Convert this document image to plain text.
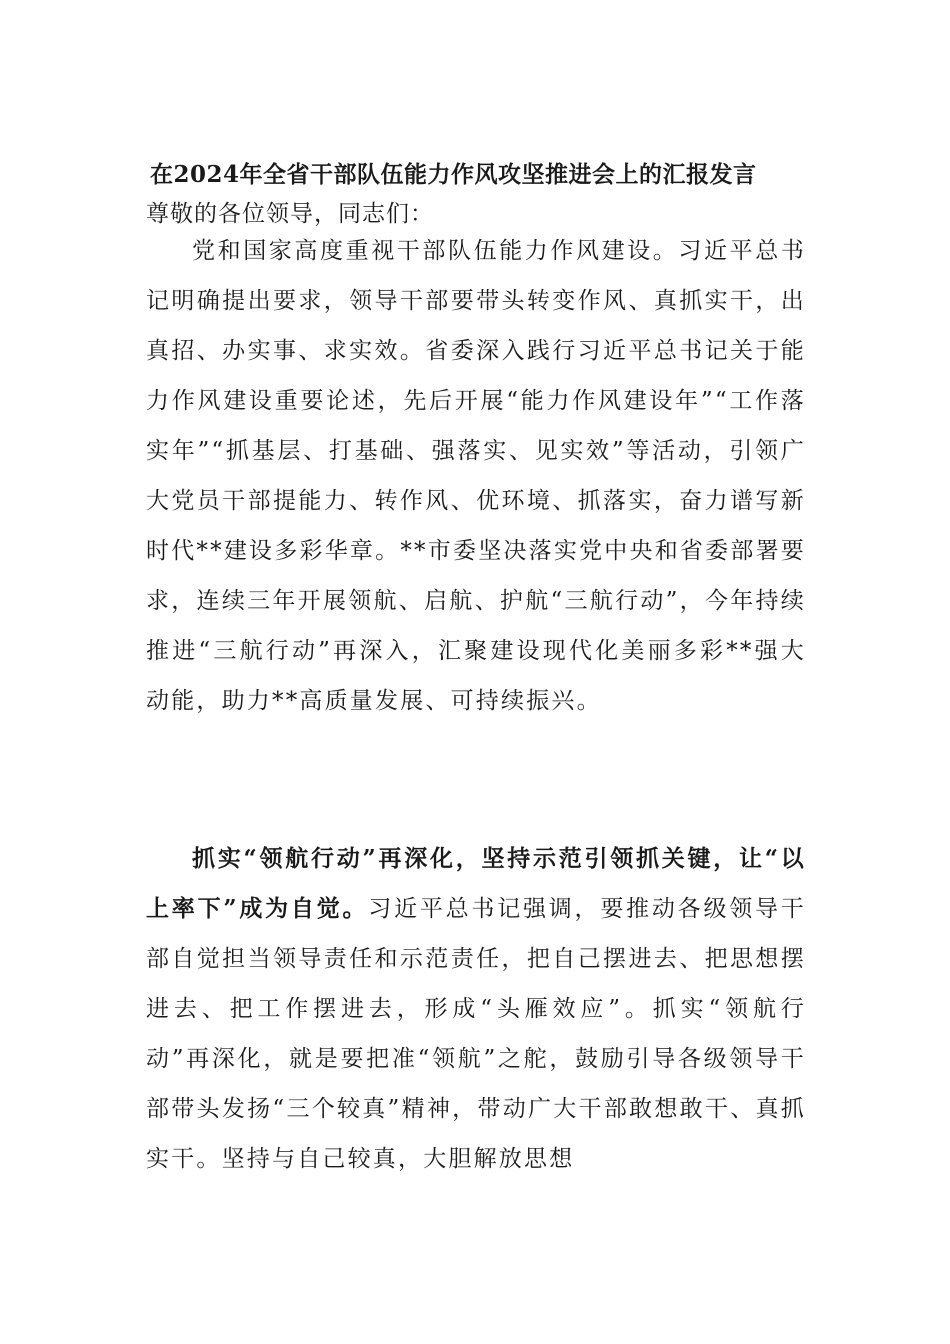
在2024年全省干部队伍能力作风攻坚推进会上的汇报发言

尊敬的各位领导，同志们：

党和国家高度重视干部队伍能力作风建设。习近平总书记明确提出要求，领导干部要带头转变作风、真抓实干，出真招、办实事、求实效。省委深入践行习近平总书记关于能力作风建设重要论述，先后开展“能力作风建设年”“工作落实年”“抓基层、打基础、强落实、见实效”等活动，引领广大党员干部提能力、转作风、优环境、抓落实，奋力谱写新时代**建设多彩华章。**市委坚决落实党中央和省委部署要求，连续三年开展领航、启航、护航“三航行动”，今年持续推进“三航行动”再深入，汇聚建设现代化美丽多彩**强大动能，助力**高质量发展、可持续振兴。

抓实“领航行动”再深化，坚持示范引领抓关键，让“以上率下”成为自觉。习近平总书记强调，要推动各级领导干部自觉担当领导责任和示范责任，把自己摆进去、把思想摆进去、把工作摆进去，形成“头雁效应”。抓实“领航行动”再深化，就是要把准“领航”之舵，鼓励引导各级领导干部带头发扬“三个较真”精神，带动广大干部敢想敢干、真抓实干。坚持与自己较真，大胆解放思想
